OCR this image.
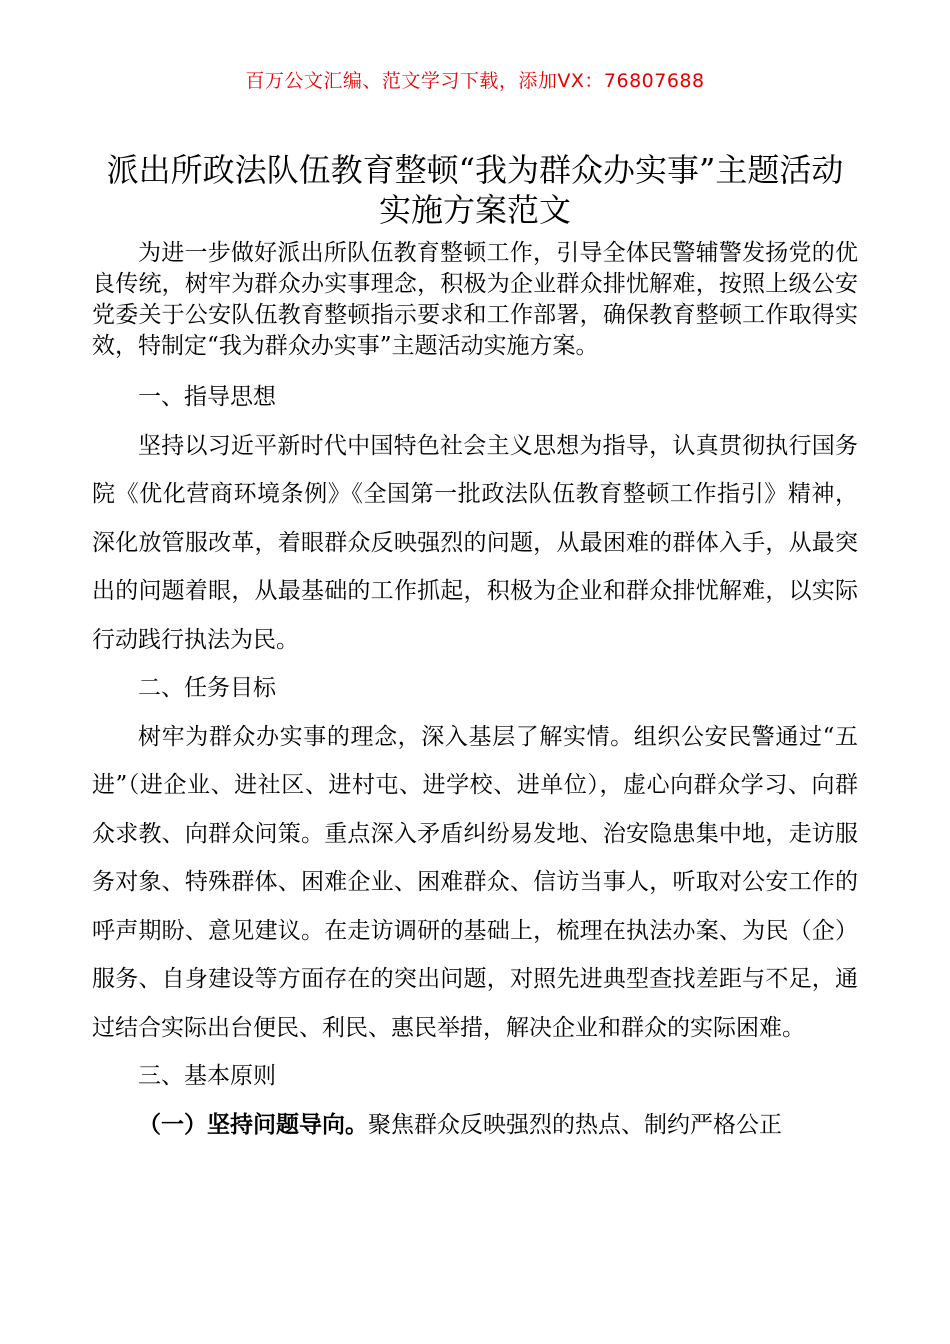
百万公文汇编、范文学习下载，添加VX：76807688
派出所政法队伍教育整顿“我为群众办实事”主题活动实施方案范文

为进一步做好派出所队伍教育整顿工作，引导全体民警辅警发扬党的优良传统，树牢为群众办实事理念，积极为企业群众排忧解难，按照上级公安党委关于公安队伍教育整顿指示要求和工作部署，确保教育整顿工作取得实效，特制定“我为群众办实事”主题活动实施方案。

一、指导思想

坚持以习近平新时代中国特色社会主义思想为指导，认真贯彻执行国务院《优化营商环境条例》《全国第一批政法队伍教育整顿工作指引》精神，深化放管服改革，着眼群众反映强烈的问题，从最困难的群体入手，从最突出的问题着眼，从最基础的工作抓起，积极为企业和群众排忧解难，以实际行动践行执法为民。

二、任务目标

树牢为群众办实事的理念，深入基层了解实情。组织公安民警通过“五进”（进企业、进社区、进村屯、进学校、进单位），虚心向群众学习、向群众求教、向群众问策。重点深入矛盾纠纷易发地、治安隐患集中地，走访服务对象、特殊群体、困难企业、困难群众、信访当事人，听取对公安工作的呼声期盼、意见建议。在走访调研的基础上，梳理在执法办案、为民（企）服务、自身建设等方面存在的突出问题，对照先进典型查找差距与不足，通过结合实际出台便民、利民、惠民举措，解决企业和群众的实际困难。

三、基本原则

（一）坚持问题导向。聚焦群众反映强烈的热点、制约严格公正
